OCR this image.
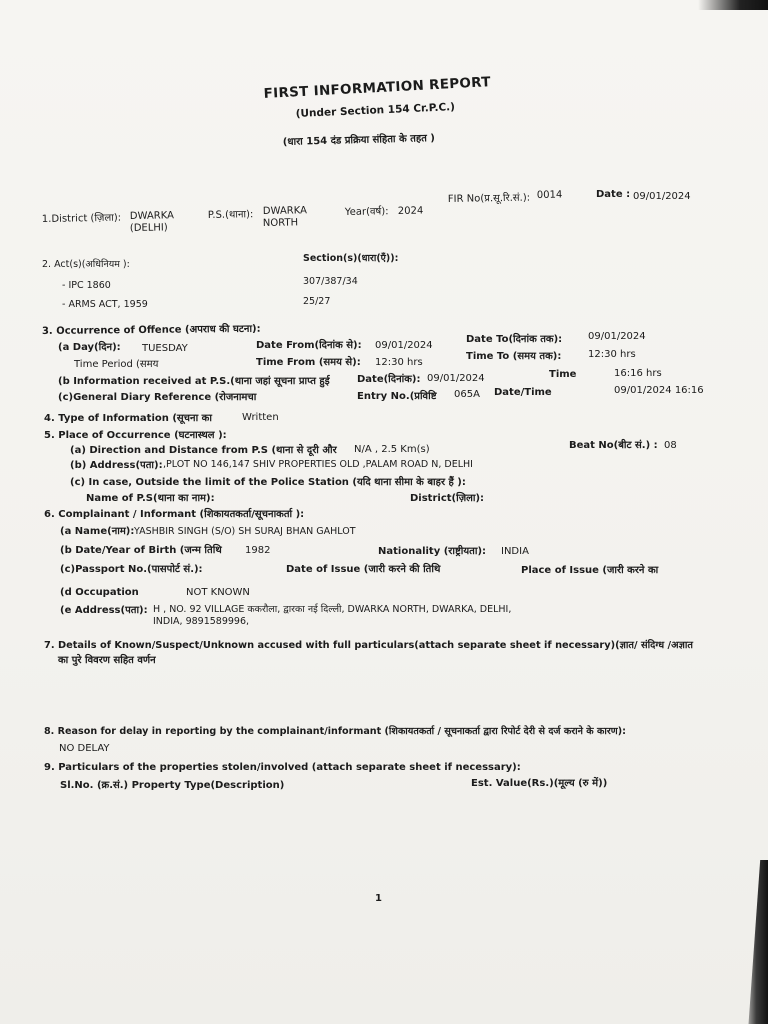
FIRST INFORMATION REPORT
(Under Section 154 Cr.P.C.)
(धारा 154 दंड प्रक्रिया संहिता के तहत )
1.District (ज़िला): DWARKA
(DELHI)
P.S.(थाना): DWARKA
NORTH
Year(वर्ष): 2024
FIR No(प्र.सू.रि.सं.): 0014	Date : 09/01/2024
2. Act(s)(अधिनियम ):
Section(s)(धारा(एँ)):
- IPC 1860	307/387/34
- ARMS ACT, 1959	25/27
3. Occurrence of Offence (अपराध की घटना):
(a Day(दिन): TUESDAY	Date From(दिनांक से): 09/01/2024
Date To(दिनांक तक):	09/01/2024
Time Period (समय	Time From (समय से): 12:30 hrs
Time To (समय तक):	12:30 hrs
(b Information received at P.S.(थाना जहां सूचना प्राप्त हुई	Date(दिनांक): 09/01/2024	Time	16:16 hrs
(c)General Diary Reference (रोजनामचा	Entry No.(प्रविष्टि 065A Date/Time	09/01/2024 16:16
4. Type of Information (सूचना का	Written
5. Place of Occurrence (घटनास्थल ):
(a) Direction and Distance from P.S (थाना से दूरी और N/A , 2.5 Km(s)	Beat No(बीट सं.) : 08
(b) Address(पता): ,PLOT NO 146,147 SHIV PROPERTIES OLD ,PALAM ROAD N, DELHI
(c) In case, Outside the limit of the Police Station (यदि थाना सीमा के बाहर हैं ):
Name of P.S(थाना का नाम):	District(ज़िला):
6. Complainant / Informant (शिकायतकर्ता/सूचनाकर्ता ):
(a Name(नाम): YASHBIR SINGH (S/O) SH SURAJ BHAN GAHLOT
(b Date/Year of Birth (जन्म तिथि 1982	Nationality (राष्ट्रीयता): INDIA
(c)Passport No.(पासपोर्ट सं.):	Date of Issue (जारी करने की तिथि	Place of Issue (जारी करने का
(d Occupation	NOT KNOWN
(e Address(पता): H , NO. 92 VILLAGE ककरौला, द्वारका नई दिल्ली, DWARKA NORTH, DWARKA, DELHI,
INDIA, 9891589996,
7. Details of Known/Suspect/Unknown accused with full particulars(attach separate sheet if necessary)(ज्ञात/ संदिग्ध /अज्ञात
का पुरे विवरण सहित वर्णन
8. Reason for delay in reporting by the complainant/informant (शिकायतकर्ता / सूचनाकर्ता द्वारा रिपोर्ट देरी से दर्ज कराने के कारण):
NO DELAY
9. Particulars of the properties stolen/involved (attach separate sheet if necessary):
Sl.No. (क्र.सं.) Property Type(Description)	Est. Value(Rs.)(मूल्य (रु में))
1
